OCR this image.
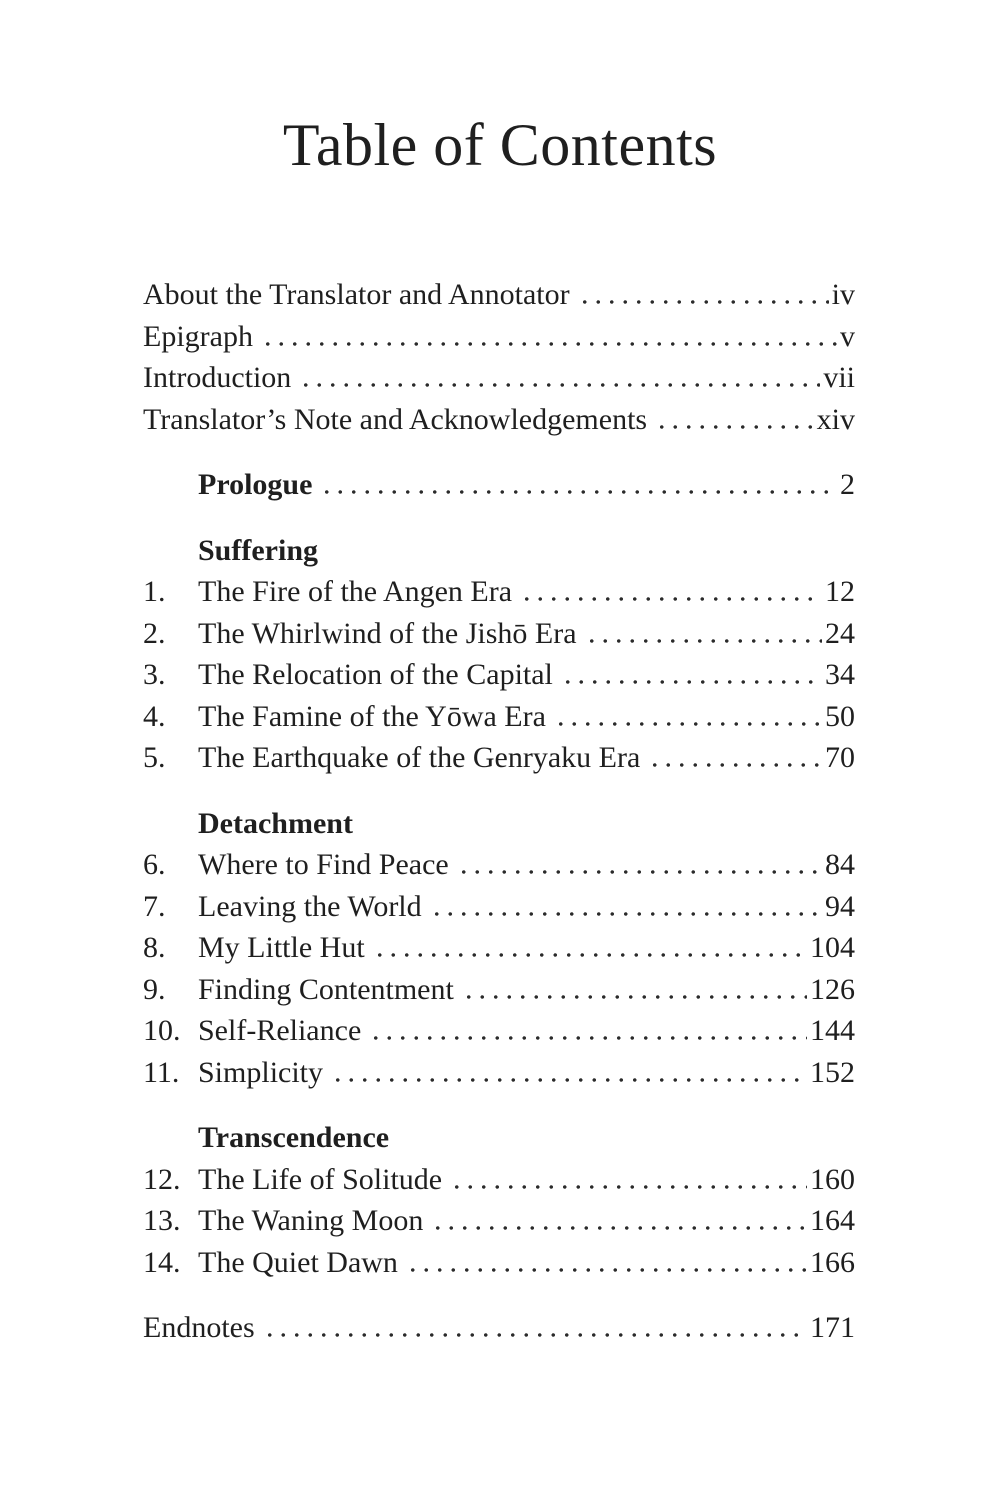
Table of Contents
About the Translator and Annotator	iv
Epigraph	v
Introduction	vii
Translator’s Note and Acknowledgements	xiv
Prologue	2
Suffering
1.	The Fire of the Angen Era	12
2.	The Whirlwind of the Jishō Era	24
3.	The Relocation of the Capital	34
4.	The Famine of the Yōwa Era	50
5.	The Earthquake of the Genryaku Era	70
Detachment
6.	Where to Find Peace	84
7.	Leaving the World	94
8.	My Little Hut	104
9.	Finding Contentment	126
10. Self-Reliance	144
11. Simplicity	152
Transcendence
12. The Life of Solitude	160
13. The Waning Moon	164
14. The Quiet Dawn	166
Endnotes	171
